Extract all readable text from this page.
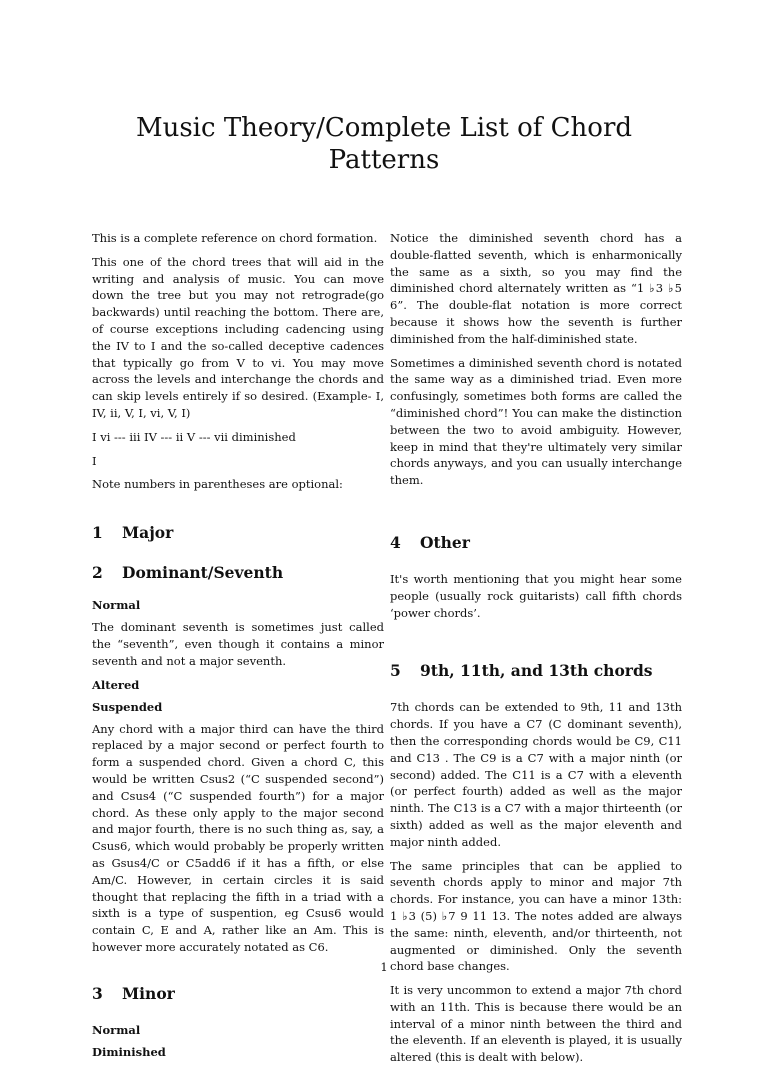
Music Theory/Complete List of Chord Patterns

This is a complete reference on chord formation.

This one of the chord trees that will aid in the writing and analysis of music. You can move down the tree but you may not retrograde(go backwards) until reaching the bottom. There are, of course exceptions including cadencing using the IV to I and the so-called deceptive cadences that typically go from V to vi. You may move across the levels and interchange the chords and can skip levels entirely if so desired. (Example- I, IV, ii, V, I, vi, V, I)

I vi --- iii IV --- ii V --- vii diminished

I

Note numbers in parentheses are optional:

1 Major
2 Dominant/Seventh
Normal

The dominant seventh is sometimes just called the “seventh”, even though it contains a minor seventh and not a major seventh.

Altered
Suspended

Any chord with a major third can have the third replaced by a major second or perfect fourth to form a suspended chord. Given a chord C, this would be written Csus2 (“C suspended second”) and Csus4 (“C suspended fourth”) for a major chord. As these only apply to the major second and major fourth, there is no such thing as, say, a Csus6, which would probably be properly written as Gsus4/C or C5add6 if it has a fifth, or else Am/C. However, in certain circles it is said thought that replacing the fifth in a triad with a sixth is a type of suspention, eg Csus6 would contain C, E and A, rather like an Am. This is however more accurately notated as C6.

3 Minor
Normal
Diminished

Notice the diminished seventh chord has a double-flatted seventh, which is enharmonically the same as a sixth, so you may find the diminished chord alternately written as “1 ♭3 ♭5 6”. The double-flat notation is more correct because it shows how the seventh is further diminished from the half-diminished state.

Sometimes a diminished seventh chord is notated the same way as a diminished triad. Even more confusingly, sometimes both forms are called the “diminished chord”! You can make the distinction between the two to avoid ambiguity. However, keep in mind that they're ultimately very similar chords anyways, and you can usually interchange them.

4 Other

It's worth mentioning that you might hear some people (usually rock guitarists) call fifth chords ‘power chords’.

5 9th, 11th, and 13th chords

7th chords can be extended to 9th, 11 and 13th chords. If you have a C7 (C dominant seventh), then the corresponding chords would be C9, C11 and C13 . The C9 is a C7 with a major ninth (or second) added. The C11 is a C7 with a eleventh (or perfect fourth) added as well as the major ninth. The C13 is a C7 with a major thirteenth (or sixth) added as well as the major eleventh and major ninth added.

The same principles that can be applied to seventh chords apply to minor and major 7th chords. For instance, you can have a minor 13th: 1 ♭3 (5) ♭7 9 11 13. The notes added are always the same: ninth, eleventh, and/or thirteenth, not augmented or diminished. Only the seventh chord base changes.

It is very uncommon to extend a major 7th chord with an 11th. This is because there would be an interval of a minor ninth between the third and the eleventh. If an eleventh is played, it is usually altered (this is dealt with below).

1
